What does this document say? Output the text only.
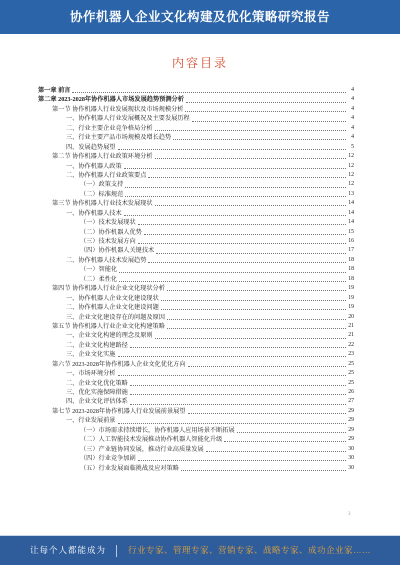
协作机器人企业文化构建及优化策略研究报告
内容目录
第一章 前言	4
第二章 2023-2028年协作机器人市场发展趋势预测分析	4
第一节 协作机器人行业发展现状及市场规模分析	4
一、协作机器人行业发展概况及主要发展历程	4
二、行业主要企业竞争格局分析	4
三、行业主要产品市场规模及增长趋势	4
四、发展趋势展望	5
第二节 协作机器人行业政策环境分析	12
一、协作机器人政策	12
二、协作机器人行业政策要点	12
（一）政策支持	12
（二）标准规范	13
第三节 协作机器人行业技术发展现状	14
一、协作机器人技术	14
（一）技术发展现状	14
（二）协作机器人优势	15
（三）技术发展方向	16
（四）协作机器人关键技术	17
二、协作机器人技术发展趋势	18
（一）智能化	18
（二）柔性化	18
第四节 协作机器人行业企业文化现状分析	19
一、协作机器人企业文化建设现状	19
二、协作机器人企业文化建设问题	19
三、企业文化建设存在的问题及原因	20
第五节 协作机器人行业企业文化构建策略	21
一、企业文化构建的理念及原则	21
二、企业文化构建路径	22
三、企业文化实施	23
第六节 2023-2028年协作机器人企业文化优化方向	25
一、市场环境分析	25
二、企业文化优化策略	25
三、优化实施保障措施	26
四、企业文化评估体系	27
第七节 2023-2028年协作机器人行业发展前景展望	29
一、行业发展前景	29
（一）市场需求持续增长，协作机器人应用场景不断拓展	29
（二）人工智能技术发展推动协作机器人智能化升级	29
（三）产业链协同发展，推动行业高质量发展	30
（四）行业竞争加剧	30
（五）行业发展面临挑战及应对策略	30
3
让每个人都能成为	行业专家、管理专家、营销专家、战略专家、成功企业家……
